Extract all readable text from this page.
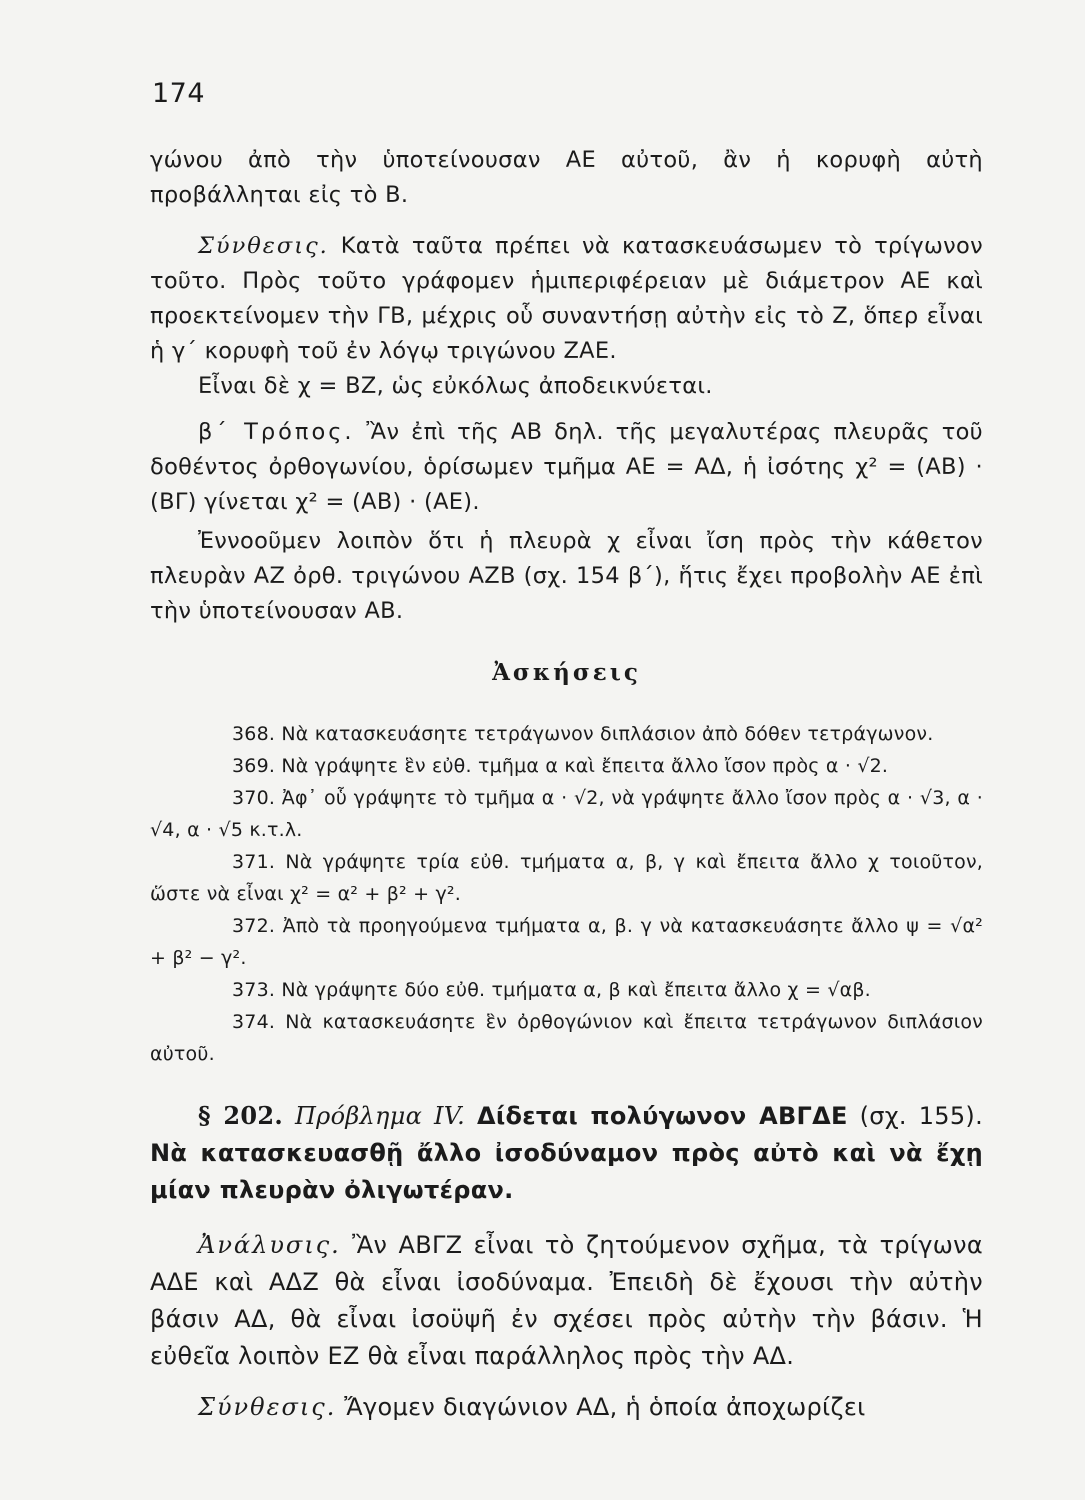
174

γώνου ἀπὸ τὴν ὑποτείνουσαν ΑΕ αὐτοῦ, ἂν ἡ κορυφὴ αὐτὴ προβάλληται εἰς τὸ Β.

Σύνθεσις. Κατὰ ταῦτα πρέπει νὰ κατασκευάσωμεν τὸ τρίγωνον τοῦτο. Πρὸς τοῦτο γράφομεν ἡμιπεριφέρειαν μὲ διάμετρον ΑΕ καὶ προεκτείνομεν τὴν ΓΒ, μέχρις οὗ συναντήσῃ αὐτὴν εἰς τὸ Ζ, ὅπερ εἶναι ἡ γ΄ κορυφὴ τοῦ ἐν λόγῳ τριγώνου ΖΑΕ.

Εἶναι δὲ χ = ΒΖ, ὡς εὐκόλως ἀποδεικνύεται.

β΄ Τρόπος. Ἂν ἐπὶ τῆς ΑΒ δηλ. τῆς μεγαλυτέρας πλευρᾶς τοῦ δοθέντος ὀρθογωνίου, ὁρίσωμεν τμῆμα ΑΕ = ΑΔ, ἡ ἰσότης χ² = (ΑΒ) · (ΒΓ) γίνεται χ² = (ΑΒ) · (ΑΕ).

Ἐννοοῦμεν λοιπὸν ὅτι ἡ πλευρὰ χ εἶναι ἴση πρὸς τὴν κάθετον πλευρὰν ΑΖ ὀρθ. τριγώνου ΑΖΒ (σχ. 154 β΄), ἥτις ἔχει προβολὴν ΑΕ ἐπὶ τὴν ὑποτείνουσαν ΑΒ.

Ἀσκήσεις

368. Νὰ κατασκευάσητε τετράγωνον διπλάσιον ἀπὸ δόθεν τετράγωνον.

369. Νὰ γράψητε ἓν εὐθ. τμῆμα α καὶ ἔπειτα ἄλλο ἴσον πρὸς α · √2.

370. Ἀφ᾽ οὗ γράψητε τὸ τμῆμα α · √2, νὰ γράψητε ἄλλο ἴσον πρὸς α · √3, α · √4, α · √5 κ.τ.λ.

371. Νὰ γράψητε τρία εὐθ. τμήματα α, β, γ καὶ ἔπειτα ἄλλο χ τοιοῦτον, ὥστε νὰ εἶναι χ² = α² + β² + γ².

372. Ἀπὸ τὰ προηγούμενα τμήματα α, β. γ νὰ κατασκευάσητε ἄλλο ψ = √α² + β² − γ².

373. Νὰ γράψητε δύο εὐθ. τμήματα α, β καὶ ἔπειτα ἄλλο χ = √αβ.

374. Νὰ κατασκευάσητε ἓν ὀρθογώνιον καὶ ἔπειτα τετράγωνον διπλάσιον αὐτοῦ.

§ 202. Πρόβλημα IV. Δίδεται πολύγωνον ΑΒΓΔΕ (σχ. 155). Νὰ κατασκευασθῇ ἄλλο ἰσοδύναμον πρὸς αὐτὸ καὶ νὰ ἔχῃ μίαν πλευρὰν ὀλιγωτέραν.

Ἀνάλυσις. Ἂν ΑΒΓΖ εἶναι τὸ ζητούμενον σχῆμα, τὰ τρίγωνα ΑΔΕ καὶ ΑΔΖ θὰ εἶναι ἰσοδύναμα. Ἐπειδὴ δὲ ἔχουσι τὴν αὐτὴν βάσιν ΑΔ, θὰ εἶναι ἰσοϋψῆ ἐν σχέσει πρὸς αὐτὴν τὴν βάσιν. Ἡ εὐθεῖα λοιπὸν ΕΖ θὰ εἶναι παράλληλος πρὸς τὴν ΑΔ.

Σύνθεσις. Ἄγομεν διαγώνιον ΑΔ, ἡ ὁποία ἀποχωρίζει
